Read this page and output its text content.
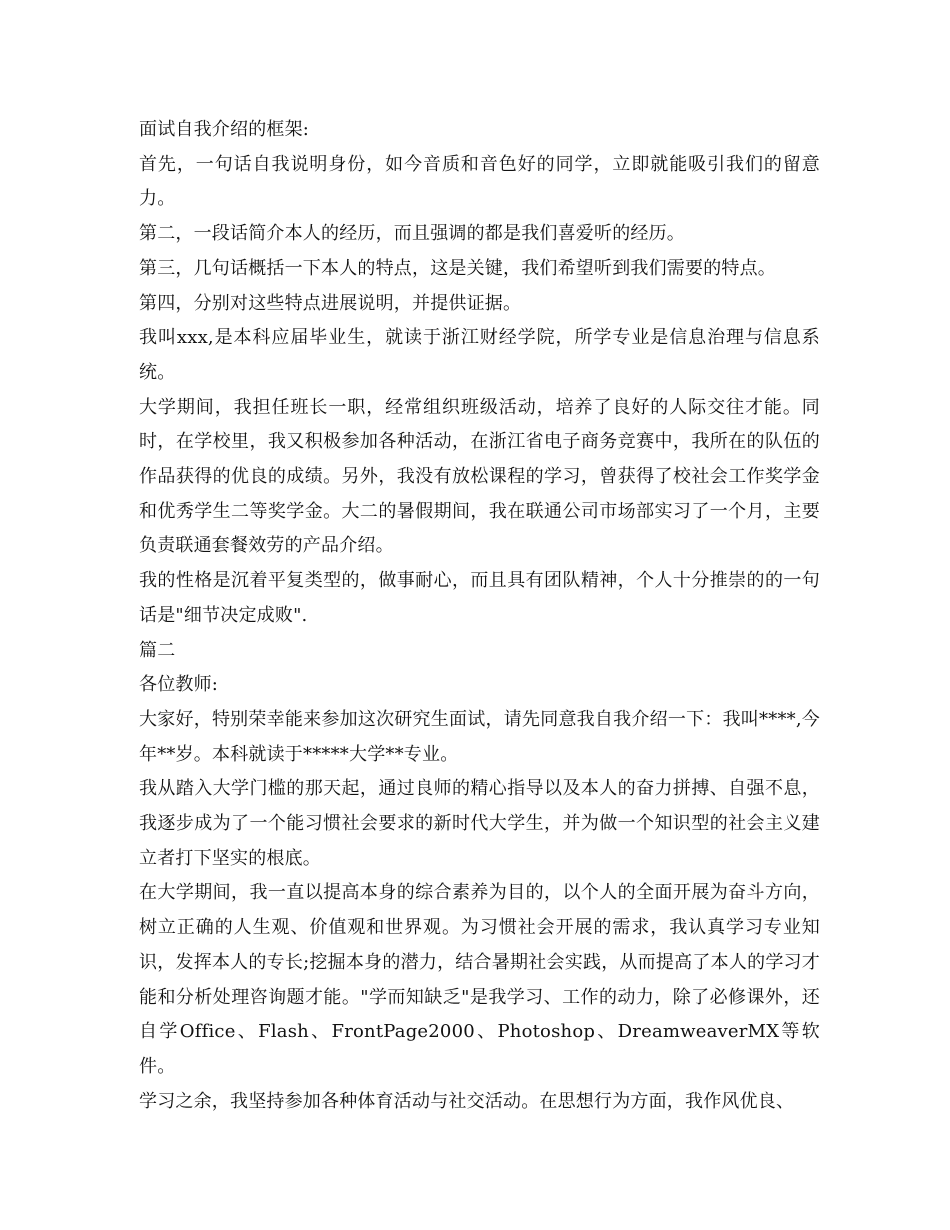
面试自我介绍的框架:

首先，一句话自我说明身份，如今音质和音色好的同学，立即就能吸引我们的留意力。

第二，一段话简介本人的经历，而且强调的都是我们喜爱听的经历。

第三，几句话概括一下本人的特点，这是关键，我们希望听到我们需要的特点。

第四，分别对这些特点进展说明，并提供证据。

我叫xxx,是本科应届毕业生，就读于浙江财经学院，所学专业是信息治理与信息系统。

大学期间，我担任班长一职，经常组织班级活动，培养了良好的人际交往才能。同时，在学校里，我又积极参加各种活动，在浙江省电子商务竞赛中，我所在的队伍的作品获得的优良的成绩。另外，我没有放松课程的学习，曾获得了校社会工作奖学金和优秀学生二等奖学金。大二的暑假期间，我在联通公司市场部实习了一个月，主要负责联通套餐效劳的产品介绍。

我的性格是沉着平复类型的，做事耐心，而且具有团队精神，个人十分推崇的的一句话是"细节决定成败".

篇二

各位教师:

大家好，特别荣幸能来参加这次研究生面试，请先同意我自我介绍一下：我叫****,今年**岁。本科就读于*****大学**专业。

我从踏入大学门槛的那天起，通过良师的精心指导以及本人的奋力拼搏、自强不息，我逐步成为了一个能习惯社会要求的新时代大学生，并为做一个知识型的社会主义建立者打下坚实的根底。

在大学期间，我一直以提高本身的综合素养为目的，以个人的全面开展为奋斗方向，树立正确的人生观、价值观和世界观。为习惯社会开展的需求，我认真学习专业知识，发挥本人的专长;挖掘本身的潜力，结合暑期社会实践，从而提高了本人的学习才能和分析处理咨询题才能。"学而知缺乏"是我学习、工作的动力，除了必修课外，还自学Office、Flash、FrontPage2000、Photoshop、DreamweaverMX等软件。

学习之余，我坚持参加各种体育活动与社交活动。在思想行为方面，我作风优良、
